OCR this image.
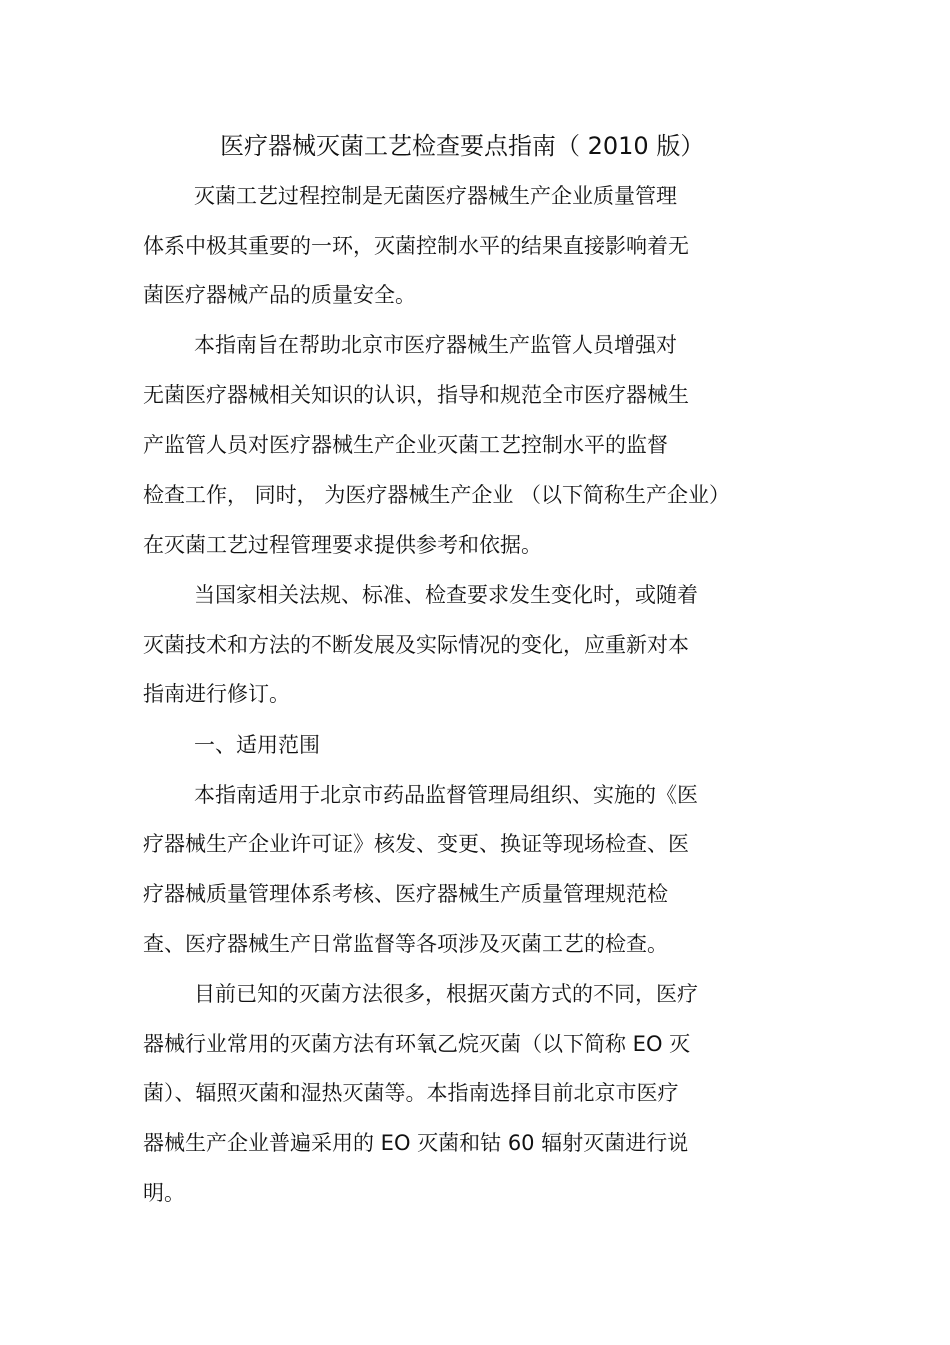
医疗器械灭菌工艺检查要点指南（ 2010 版）
灭菌工艺过程控制是无菌医疗器械生产企业质量管理
体系中极其重要的一环，灭菌控制水平的结果直接影响着无
菌医疗器械产品的质量安全。
本指南旨在帮助北京市医疗器械生产监管人员增强对
无菌医疗器械相关知识的认识，指导和规范全市医疗器械生
产监管人员对医疗器械生产企业灭菌工艺控制水平的监督
检查工作， 同时， 为医疗器械生产企业 （以下简称生产企业）
在灭菌工艺过程管理要求提供参考和依据。
当国家相关法规、标准、检查要求发生变化时，或随着
灭菌技术和方法的不断发展及实际情况的变化，应重新对本
指南进行修订。
一、适用范围
本指南适用于北京市药品监督管理局组织、实施的《医
疗器械生产企业许可证》核发、变更、换证等现场检查、医
疗器械质量管理体系考核、医疗器械生产质量管理规范检
查、医疗器械生产日常监督等各项涉及灭菌工艺的检查。
目前已知的灭菌方法很多，根据灭菌方式的不同，医疗
器械行业常用的灭菌方法有环氧乙烷灭菌（以下简称 EO 灭
菌）、辐照灭菌和湿热灭菌等。本指南选择目前北京市医疗
器械生产企业普遍采用的 EO 灭菌和钴 60 辐射灭菌进行说
明。
